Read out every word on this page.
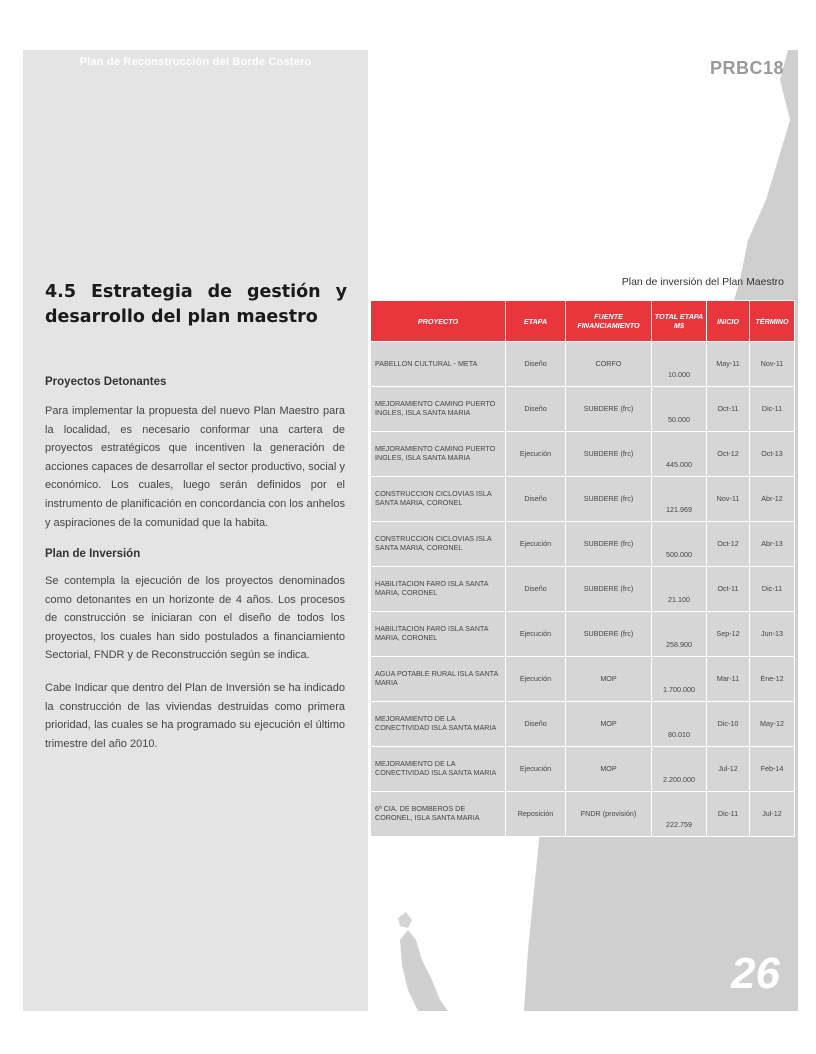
Plan de Reconstrucción del Borde Costero
4.5 Estrategia de gestión y desarrollo del plan maestro
Proyectos Detonantes
Para implementar la propuesta del nuevo Plan Maestro para la localidad, es necesario conformar una cartera de proyectos estratégicos que incentiven la generación de acciones capaces de desarrollar el sector productivo, social y económico. Los cuales, luego serán definidos por el instrumento de planificación en concordancia con los anhelos y aspiraciones de la comunidad que la habita.
Plan de Inversión
Se contempla la ejecución de los proyectos denominados como detonantes en un horizonte de 4 años. Los procesos de construcción se iniciaran con el diseño de todos los proyectos, los cuales han sido postulados a financiamiento Sectorial, FNDR y de Reconstrucción según se indica.
Cabe Indicar que dentro del Plan de Inversión se ha indicado la construcción de las viviendas destruidas como primera prioridad, las cuales se ha programado su ejecución el último trimestre del año 2010.
PRBC18
Plan de inversión del Plan Maestro
PROYECTO	ETAPA	FUENTE FINANCIAMIENTO	TOTAL ETAPA M$	INICIO	TÉRMINO
PABELLON CULTURAL - META	Diseño	CORFO	10.000	May-11	Nov-11
MEJORAMIENTO CAMINO PUERTO INGLES, ISLA SANTA MARIA	Diseño	SUBDERE (frc)	50.000	Oct-11	Dic-11
MEJORAMIENTO CAMINO PUERTO INGLES, ISLA SANTA MARIA	Ejecución	SUBDERE (frc)	445.000	Oct-12	Oct-13
CONSTRUCCION CICLOVIAS ISLA SANTA MARIA, CORONEL	Diseño	SUBDERE (frc)	121.969	Nov-11	Abr-12
CONSTRUCCION CICLOVIAS ISLA SANTA MARIA, CORONEL	Ejecución	SUBDERE (frc)	500.000	Oct-12	Abr-13
HABILITACION FARO ISLA SANTA MARIA, CORONEL	Diseño	SUBDERE (frc)	21.100	Oct-11	Dic-11
HABILITACION FARO ISLA SANTA MARIA, CORONEL	Ejecución	SUBDERE (frc)	258.900	Sep-12	Jun-13
AGUA POTABLE RURAL ISLA SANTA MARIA	Ejecución	MOP	1.700.000	Mar-11	Ene-12
MEJORAMIENTO DE LA CONECTIVIDAD ISLA SANTA MARIA	Diseño	MOP	80.010	Dic-10	May-12
MEJORAMIENTO DE LA CONECTIVIDAD ISLA SANTA MARIA	Ejecución	MOP	2.200.000	Jul-12	Feb-14
6ª CIA. DE BOMBEROS DE CORONEL, ISLA SANTA MARIA	Reposición	FNDR (provisión)	222.759	Dic-11	Jul-12
26
